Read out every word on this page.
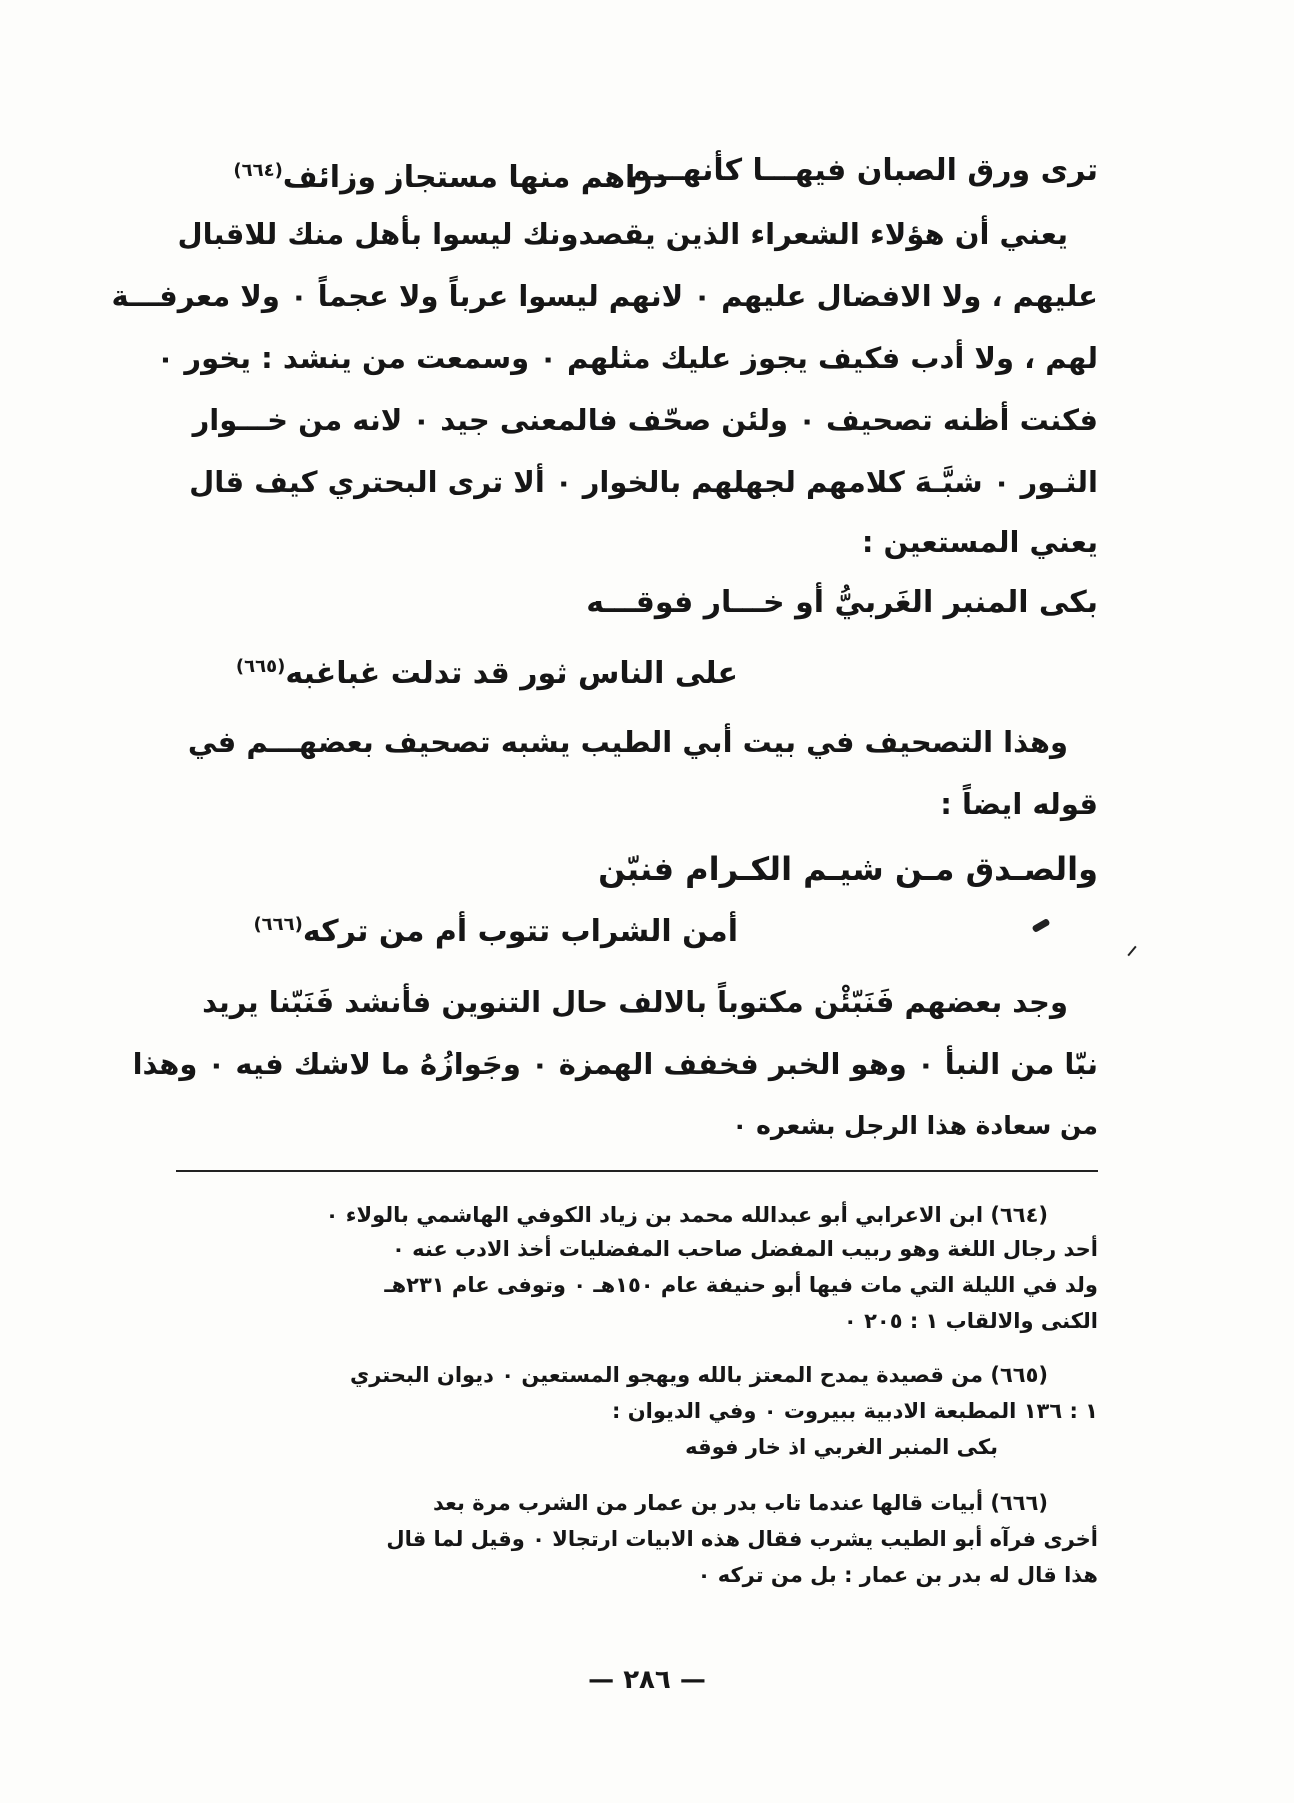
ترى ورق الصبان فيهـــا كأنهـــم
دراهم منها مستجاز وزائف$^{(٦٦٤)}$
يعني أن هؤلاء الشعراء الذين يقصدونك ليسوا بأهل منك للاقبال
عليهم ، ولا الافضال عليهم ٠ لانهم ليسوا عرباً ولا عجماً ٠ ولا معرفـــة
لهم ، ولا أدب فكيف يجوز عليك مثلهم ٠ وسمعت من ينشد : يخور ٠
فكنت أظنه تصحيف ٠ ولئن صحّف فالمعنى جيد ٠ لانه من خـــوار
الثـور ٠ شبَّـهَ كلامهم لجهلهم بالخوار ٠ ألا ترى البحتري كيف قال
يعني المستعين :
بكى المنبر الغَربيُّ أو خـــار فوقـــه
على الناس ثور قد تدلت غباغبه$^{(٦٦٥)}$
وهذا التصحيف في بيت أبي الطيب يشبه تصحيف بعضهـــم في
قوله ايضاً :
والصـدق مـن شيـم الكـرام فنبّن
أمن الشراب تتوب أم من تركه$^{(٦٦٦)}$
وجد بعضهم فَنَبّئْن مكتوباً بالالف حال التنوين فأنشد فَنَبّنا يريد
نبّا من النبأ ٠ وهو الخبر فخفف الهمزة ٠ وجَوازُهُ ما لاشك فيه ٠ وهذا
من سعادة هذا الرجل بشعره ٠
(٦٦٤) ابن الاعرابي أبو عبدالله محمد بن زياد الكوفي الهاشمي بالولاء ٠
أحد رجال اللغة وهو ربيب المفضل صاحب المفضليات أخذ الادب عنه ٠
ولد في الليلة التي مات فيها أبو حنيفة عام ١٥٠هـ ٠ وتوفى عام ٢٣١هـ
الكنى والالقاب ١ : ٢٠٥ ٠
(٦٦٥) من قصيدة يمدح المعتز بالله ويهجو المستعين ٠ ديوان البحتري
١ : ١٣٦ المطبعة الادبية ببيروت ٠ وفي الديوان :
بكى المنبر الغربي اذ خار فوقه
(٦٦٦) أبيات قالها عندما تاب بدر بن عمار من الشرب مرة بعد
أخرى فرآه أبو الطيب يشرب فقال هذه الابيات ارتجالا ٠ وقيل لما قال
هذا قال له بدر بن عمار : بل من تركه ٠
— ٢٨٦ —
